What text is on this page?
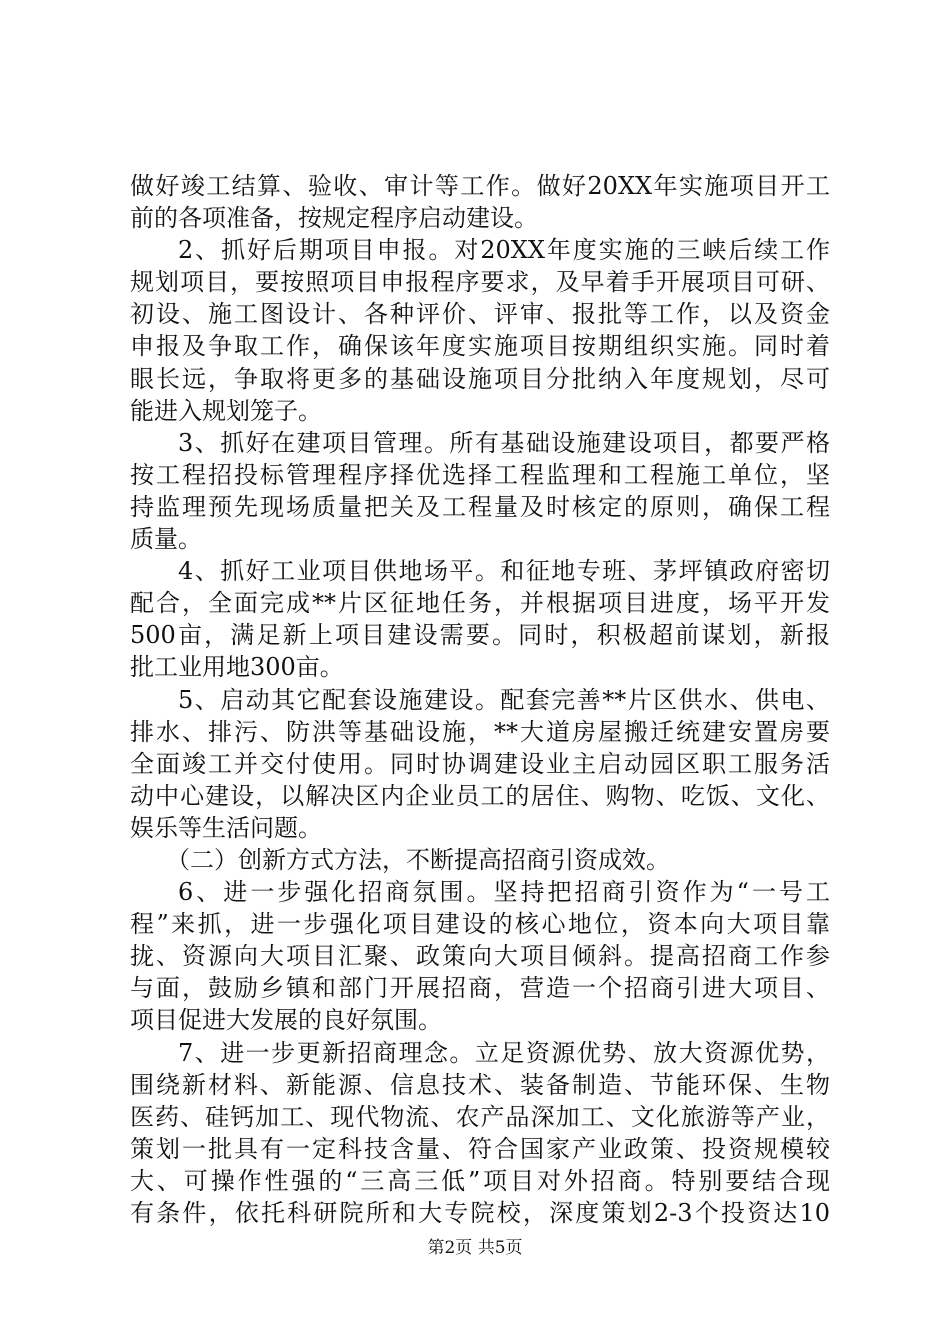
做好竣工结算、验收、审计等工作。做好20XX年实施项目开工
前的各项准备，按规定程序启动建设。
2、抓好后期项目申报。对20XX年度实施的三峡后续工作
规划项目，要按照项目申报程序要求，及早着手开展项目可研、
初设、施工图设计、各种评价、评审、报批等工作，以及资金
申报及争取工作，确保该年度实施项目按期组织实施。同时着
眼长远，争取将更多的基础设施项目分批纳入年度规划，尽可
能进入规划笼子。
3、抓好在建项目管理。所有基础设施建设项目，都要严格
按工程招投标管理程序择优选择工程监理和工程施工单位，坚
持监理预先现场质量把关及工程量及时核定的原则，确保工程
质量。
4、抓好工业项目供地场平。和征地专班、茅坪镇政府密切
配合，全面完成**片区征地任务，并根据项目进度，场平开发
500亩，满足新上项目建设需要。同时，积极超前谋划，新报
批工业用地300亩。
5、启动其它配套设施建设。配套完善**片区供水、供电、
排水、排污、防洪等基础设施，**大道房屋搬迁统建安置房要
全面竣工并交付使用。同时协调建设业主启动园区职工服务活
动中心建设，以解决区内企业员工的居住、购物、吃饭、文化、
娱乐等生活问题。
（二）创新方式方法，不断提高招商引资成效。
6、进一步强化招商氛围。坚持把招商引资作为“一号工
程”来抓，进一步强化项目建设的核心地位，资本向大项目靠
拢、资源向大项目汇聚、政策向大项目倾斜。提高招商工作参
与面，鼓励乡镇和部门开展招商，营造一个招商引进大项目、
项目促进大发展的良好氛围。
7、进一步更新招商理念。立足资源优势、放大资源优势，
围绕新材料、新能源、信息技术、装备制造、节能环保、生物
医药、硅钙加工、现代物流、农产品深加工、文化旅游等产业，
策划一批具有一定科技含量、符合国家产业政策、投资规模较
大、可操作性强的“三高三低”项目对外招商。特别要结合现
有条件，依托科研院所和大专院校，深度策划2-3个投资达10
第2页 共5页
